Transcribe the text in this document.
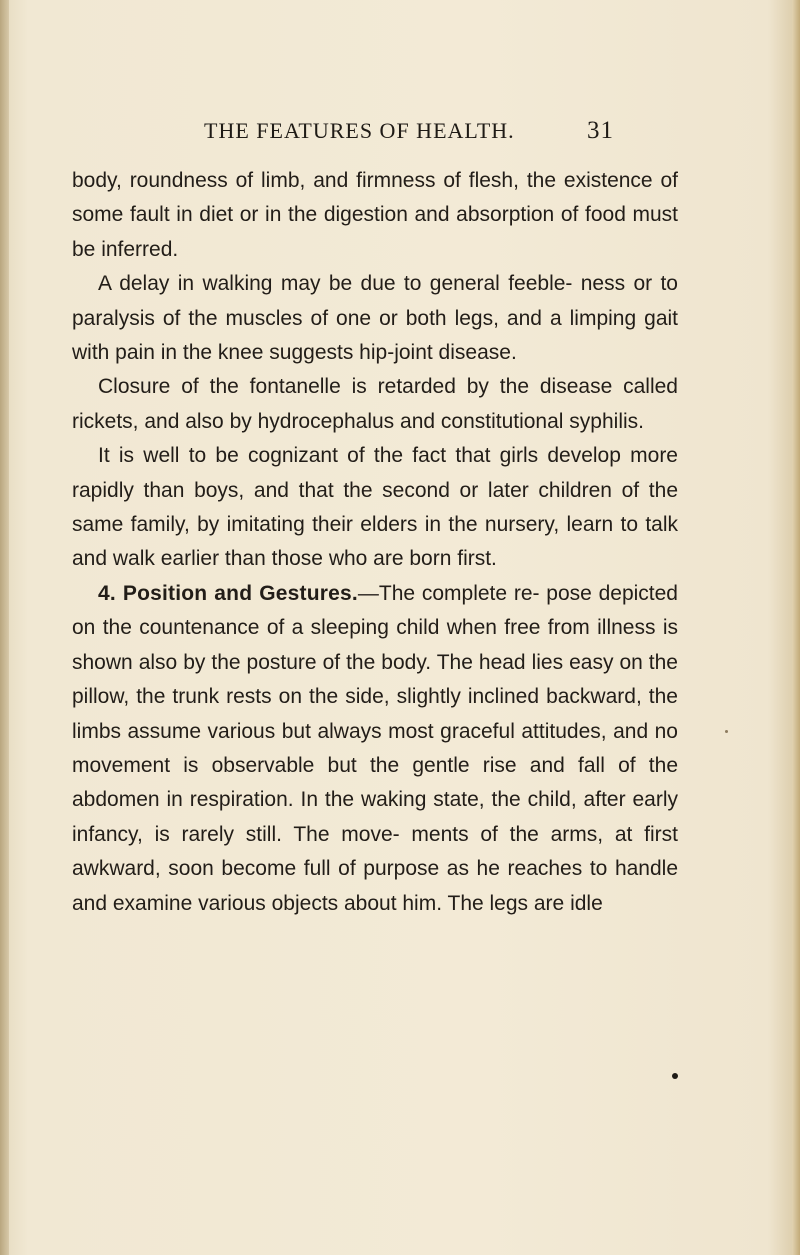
THE FEATURES OF HEALTH.	31

body, roundness of limb, and firmness of flesh, the existence of some fault in diet or in the digestion and absorption of food must be inferred.

A delay in walking may be due to general feeble- ness or to paralysis of the muscles of one or both legs, and a limping gait with pain in the knee suggests hip-joint disease.

Closure of the fontanelle is retarded by the disease called rickets, and also by hydrocephalus and constitutional syphilis.

It is well to be cognizant of the fact that girls develop more rapidly than boys, and that the second or later children of the same family, by imitating their elders in the nursery, learn to talk and walk earlier than those who are born first.

4. Position and Gestures.—The complete re- pose depicted on the countenance of a sleeping child when free from illness is shown also by the posture of the body. The head lies easy on the pillow, the trunk rests on the side, slightly inclined backward, the limbs assume various but always most graceful attitudes, and no movement is observable but the gentle rise and fall of the abdomen in respiration. In the waking state, the child, after early infancy, is rarely still. The move- ments of the arms, at first awkward, soon become full of purpose as he reaches to handle and examine various objects about him. The legs are idle
